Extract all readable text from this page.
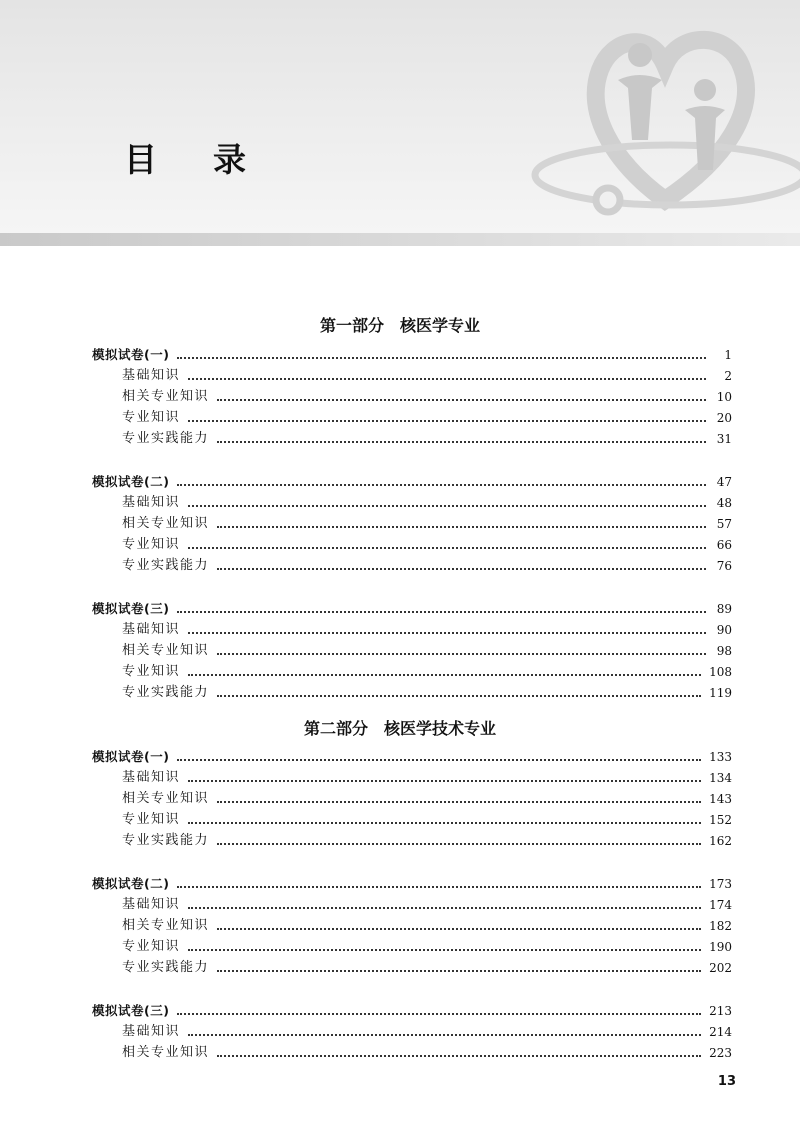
目录
第一部分　核医学专业
模拟试卷(一)	1
基础知识	2
相关专业知识	10
专业知识	20
专业实践能力	31
模拟试卷(二)	47
基础知识	48
相关专业知识	57
专业知识	66
专业实践能力	76
模拟试卷(三)	89
基础知识	90
相关专业知识	98
专业知识	108
专业实践能力	119
第二部分　核医学技术专业
模拟试卷(一)	133
基础知识	134
相关专业知识	143
专业知识	152
专业实践能力	162
模拟试卷(二)	173
基础知识	174
相关专业知识	182
专业知识	190
专业实践能力	202
模拟试卷(三)	213
基础知识	214
相关专业知识	223
13
